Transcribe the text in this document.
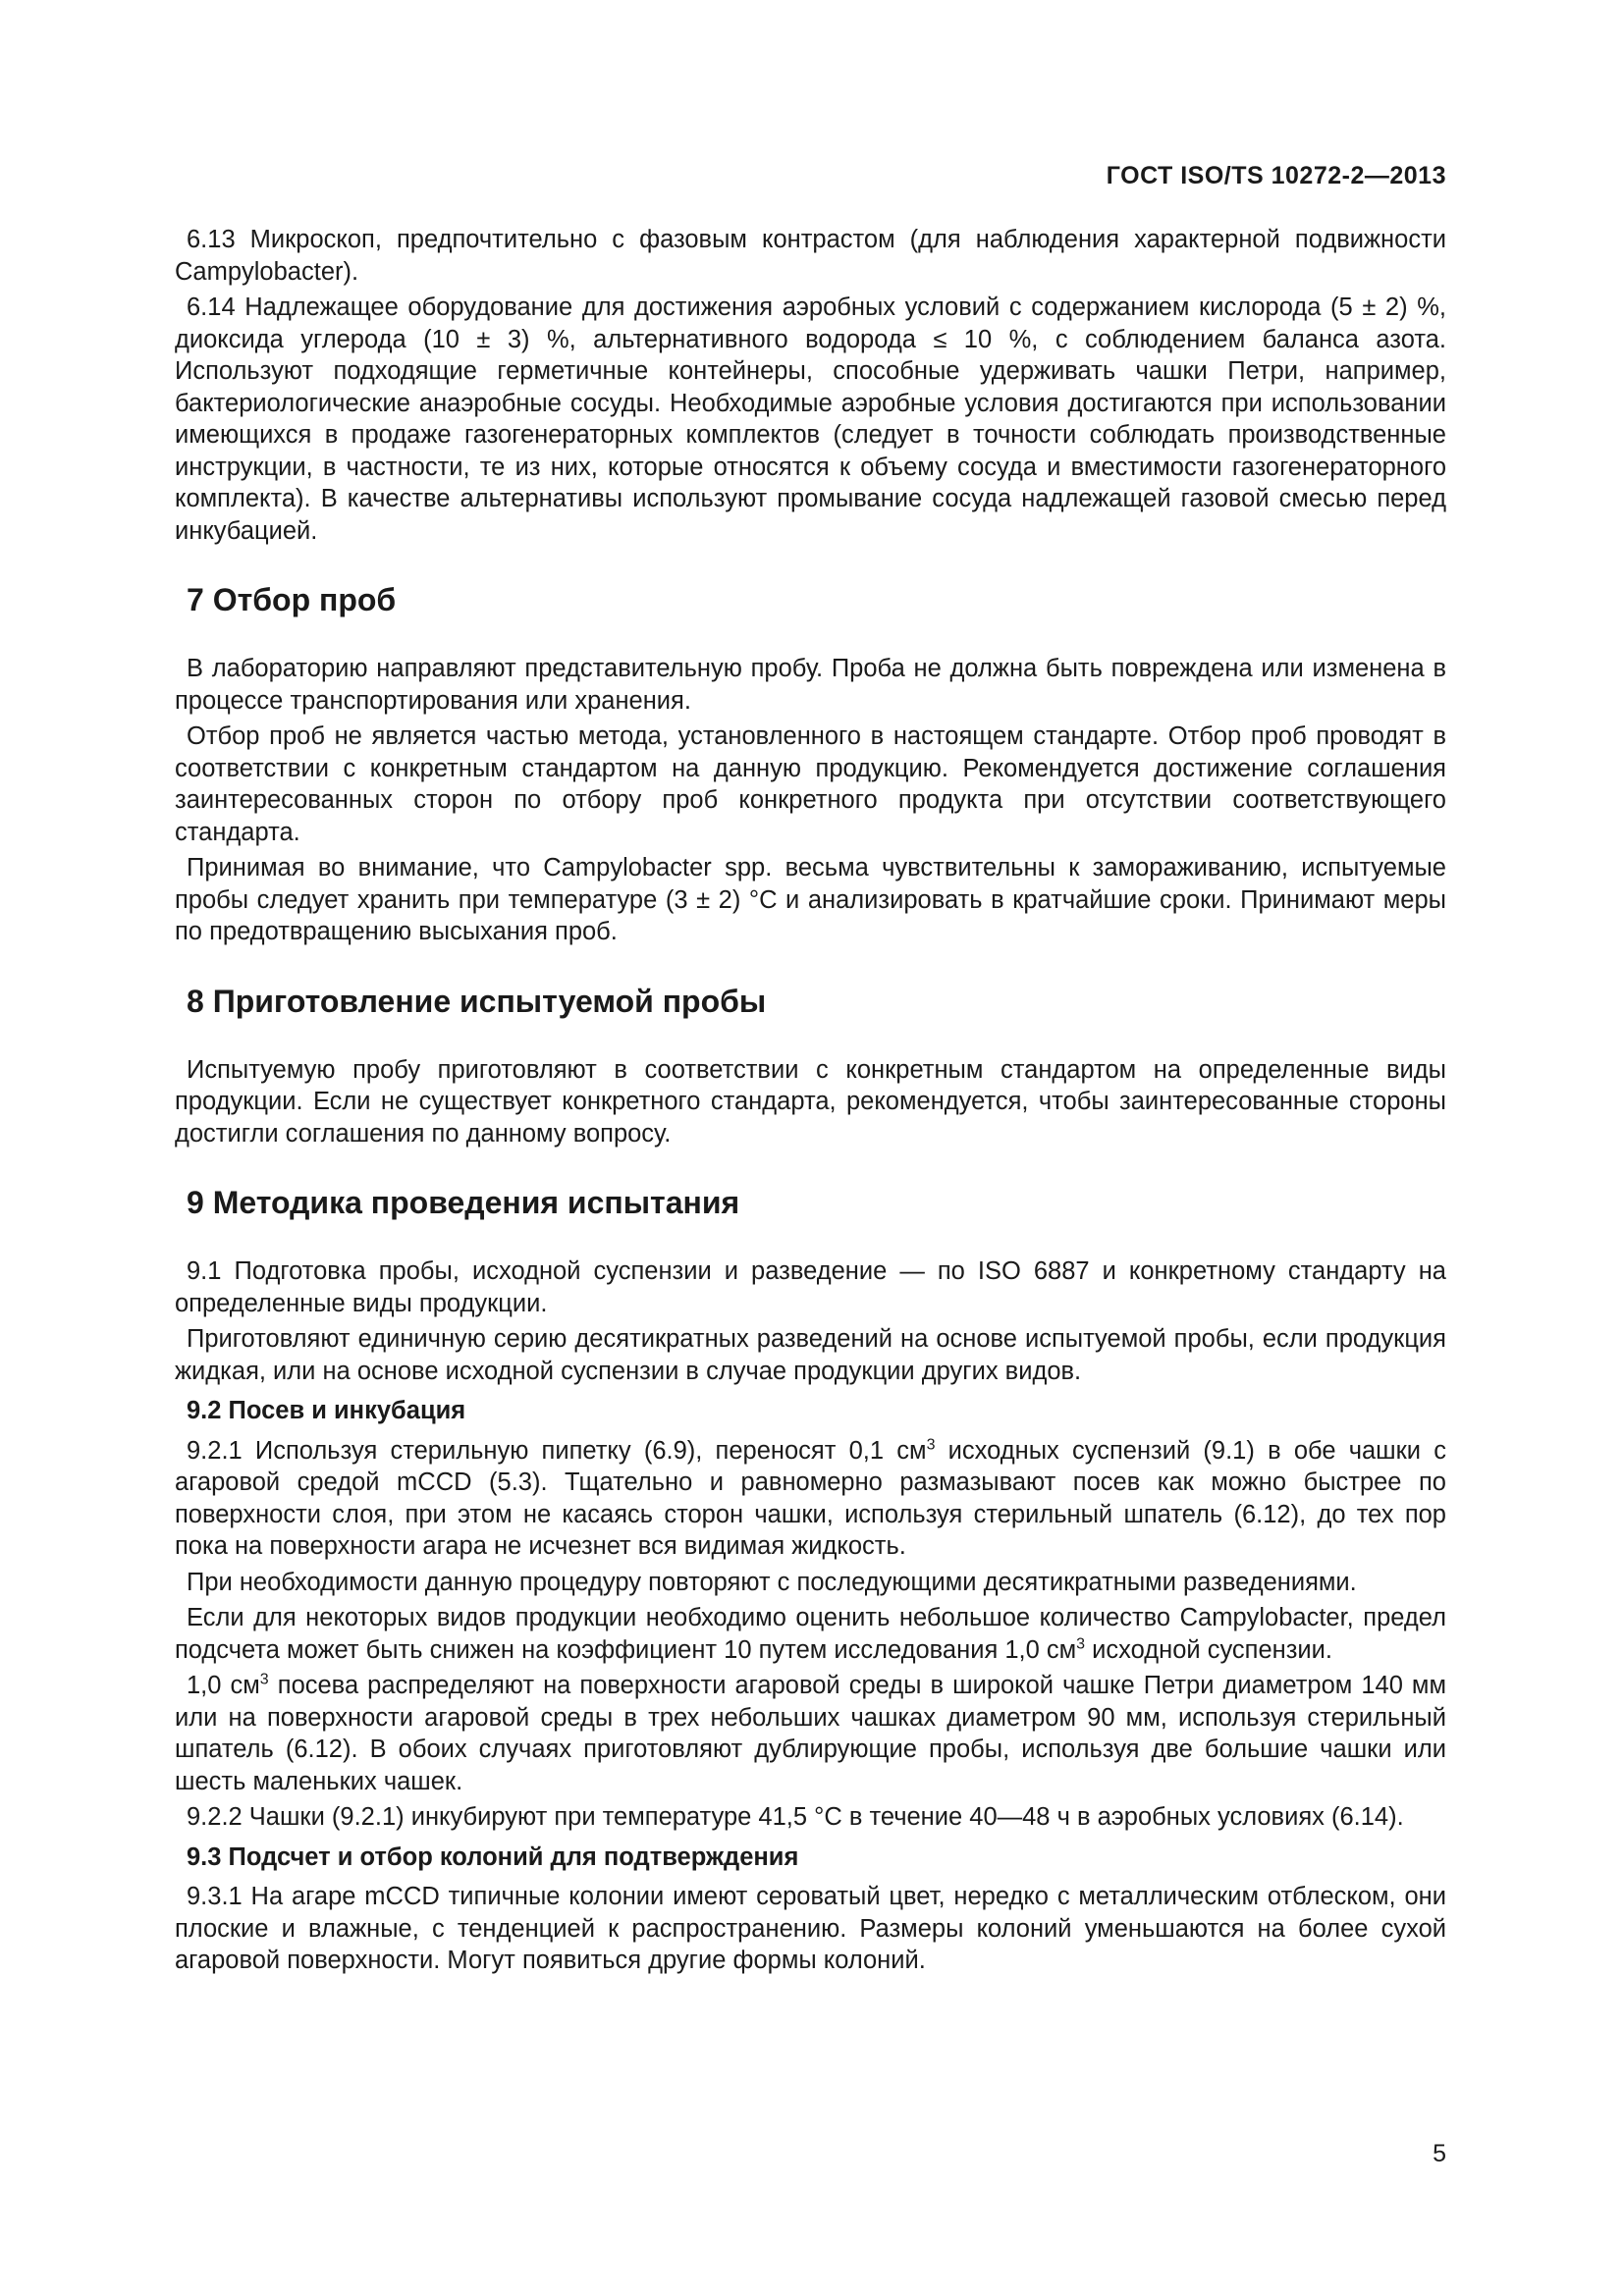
ГОСТ ISO/TS 10272-2—2013

6.13 Микроскоп, предпочтительно с фазовым контрастом (для наблюдения характерной подвижности Campylobacter).

6.14 Надлежащее оборудование для достижения аэробных условий с содержанием кислорода (5 ± 2) %, диоксида углерода (10 ± 3) %, альтернативного водорода ≤ 10 %, с соблюдением баланса азота. Используют подходящие герметичные контейнеры, способные удерживать чашки Петри, например, бактериологические анаэробные сосуды. Необходимые аэробные условия достигаются при использовании имеющихся в продаже газогенераторных комплектов (следует в точности соблюдать производственные инструкции, в частности, те из них, которые относятся к объему сосуда и вместимости газогенераторного комплекта). В качестве альтернативы используют промывание сосуда надлежащей газовой смесью перед инкубацией.

7 Отбор проб

В лабораторию направляют представительную пробу. Проба не должна быть повреждена или изменена в процессе транспортирования или хранения.

Отбор проб не является частью метода, установленного в настоящем стандарте. Отбор проб проводят в соответствии с конкретным стандартом на данную продукцию. Рекомендуется достижение соглашения заинтересованных сторон по отбору проб конкретного продукта при отсутствии соответствующего стандарта.

Принимая во внимание, что Campylobacter spp. весьма чувствительны к замораживанию, испытуемые пробы следует хранить при температуре (3 ± 2) °С и анализировать в кратчайшие сроки. Принимают меры по предотвращению высыхания проб.

8 Приготовление испытуемой пробы

Испытуемую пробу приготовляют в соответствии с конкретным стандартом на определенные виды продукции. Если не существует конкретного стандарта, рекомендуется, чтобы заинтересованные стороны достигли соглашения по данному вопросу.

9 Методика проведения испытания

9.1 Подготовка пробы, исходной суспензии и разведение — по ISO 6887 и конкретному стандарту на определенные виды продукции.

Приготовляют единичную серию десятикратных разведений на основе испытуемой пробы, если продукция жидкая, или на основе исходной суспензии в случае продукции других видов.

9.2 Посев и инкубация

9.2.1 Используя стерильную пипетку (6.9), переносят 0,1 $см^3$ исходных суспензий (9.1) в обе чашки с агаровой средой mCCD (5.3). Тщательно и равномерно размазывают посев как можно быстрее по поверхности слоя, при этом не касаясь сторон чашки, используя стерильный шпатель (6.12), до тех пор пока на поверхности агара не исчезнет вся видимая жидкость.

При необходимости данную процедуру повторяют с последующими десятикратными разведениями.

Если для некоторых видов продукции необходимо оценить небольшое количество Campylobacter, предел подсчета может быть снижен на коэффициент 10 путем исследования 1,0 $см^3$ исходной суспензии.

1,0 $см^3$ посева распределяют на поверхности агаровой среды в широкой чашке Петри диаметром 140 мм или на поверхности агаровой среды в трех небольших чашках диаметром 90 мм, используя стерильный шпатель (6.12). В обоих случаях приготовляют дублирующие пробы, используя две большие чашки или шесть маленьких чашек.

9.2.2 Чашки (9.2.1) инкубируют при температуре 41,5 °С в течение 40—48 ч в аэробных условиях (6.14).

9.3 Подсчет и отбор колоний для подтверждения

9.3.1 На агаре mCCD типичные колонии имеют сероватый цвет, нередко с металлическим отблеском, они плоские и влажные, с тенденцией к распространению. Размеры колоний уменьшаются на более сухой агаровой поверхности. Могут появиться другие формы колоний.

5
